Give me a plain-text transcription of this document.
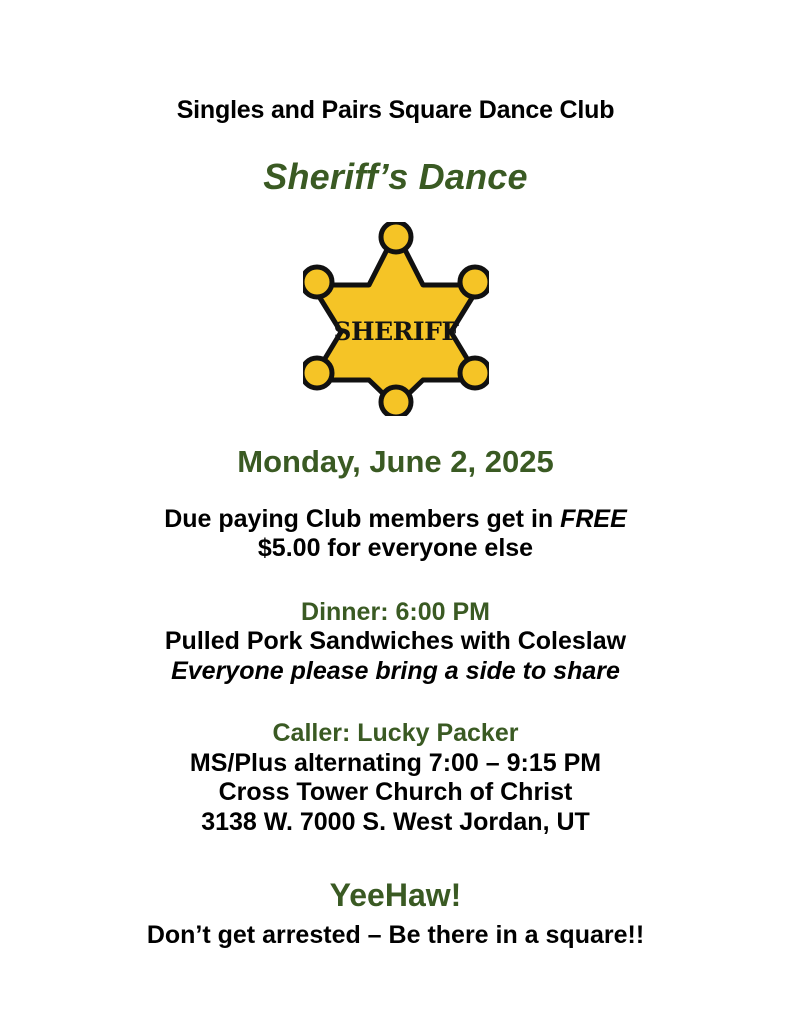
Singles and Pairs Square Dance Club
Sheriff’s Dance
SHERIFF
Monday, June 2, 2025
Due paying Club members get in FREE
$5.00 for everyone else
Dinner: 6:00 PM
Pulled Pork Sandwiches with Coleslaw
Everyone please bring a side to share
Caller: Lucky Packer
MS/Plus alternating 7:00 – 9:15 PM
Cross Tower Church of Christ
3138 W. 7000 S. West Jordan, UT
YeeHaw!
Don’t get arrested – Be there in a square!!
